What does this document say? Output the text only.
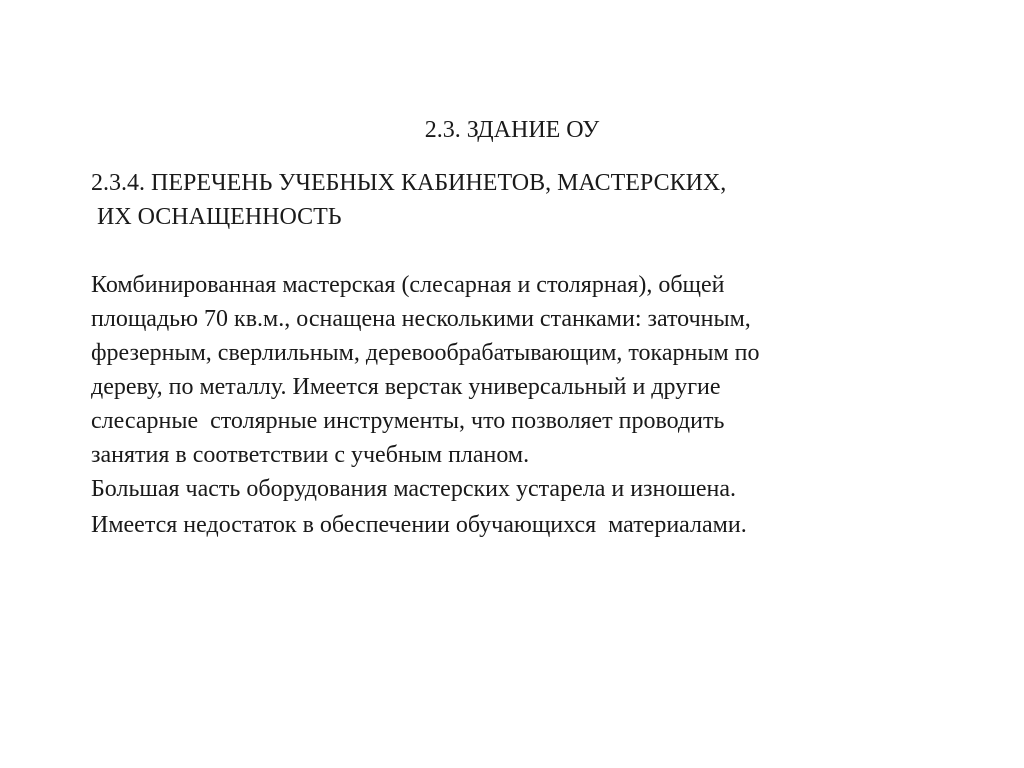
2.3. ЗДАНИЕ ОУ
2.3.4. ПЕРЕЧЕНЬ УЧЕБНЫХ КАБИНЕТОВ, МАСТЕРСКИХ,
ИХ ОСНАЩЕННОСТЬ
Комбинированная мастерская (слесарная и столярная), общей
площадью 70 кв.м., оснащена несколькими станками: заточным,
фрезерным, сверлильным, деревообрабатывающим, токарным по
дереву, по металлу. Имеется верстак универсальный и другие
слесарные  столярные инструменты, что позволяет проводить
занятия в соответствии с учебным планом.
Большая часть оборудования мастерских устарела и изношена.
Имеется недостаток в обеспечении обучающихся  материалами.
